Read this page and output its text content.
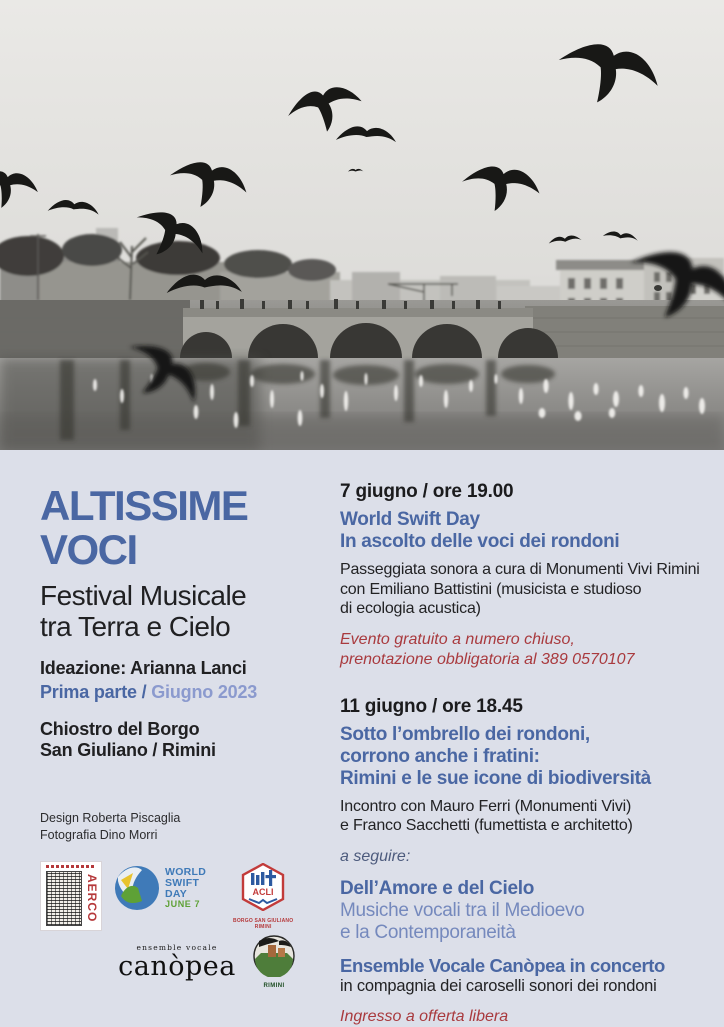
ALTISSIME
VOCI
Festival Musicale
tra Terra e Cielo
Ideazione: Arianna Lanci
Prima parte / Giugno 2023
Chiostro del Borgo
San Giuliano / Rimini
Design Roberta Piscaglia
Fotografia Dino Morri
AERCO
WORLD
SWIFT
DAY
JUNE 7
ACLI
BORGO SAN GIULIANO
RIMINI
ensemble vocale
canòpea
RIMINI
7 giugno / ore 19.00
World Swift Day
In ascolto delle voci dei rondoni
Passeggiata sonora a cura di Monumenti Vivi Rimini
con Emiliano Battistini (musicista e studioso
di ecologia acustica)
Evento gratuito a numero chiuso,
prenotazione obbligatoria al 389 0570107
11 giugno / ore 18.45
Sotto l’ombrello dei rondoni,
corrono anche i fratini:
Rimini e le sue icone di biodiversità
Incontro con Mauro Ferri (Monumenti Vivi)
e Franco Sacchetti (fumettista e architetto)
a seguire:
Dell’Amore e del Cielo
Musiche vocali tra il Medioevo
e la Contemporaneità
Ensemble Vocale Canòpea in concerto
in compagnia dei caroselli sonori dei rondoni
Ingresso a offerta libera
